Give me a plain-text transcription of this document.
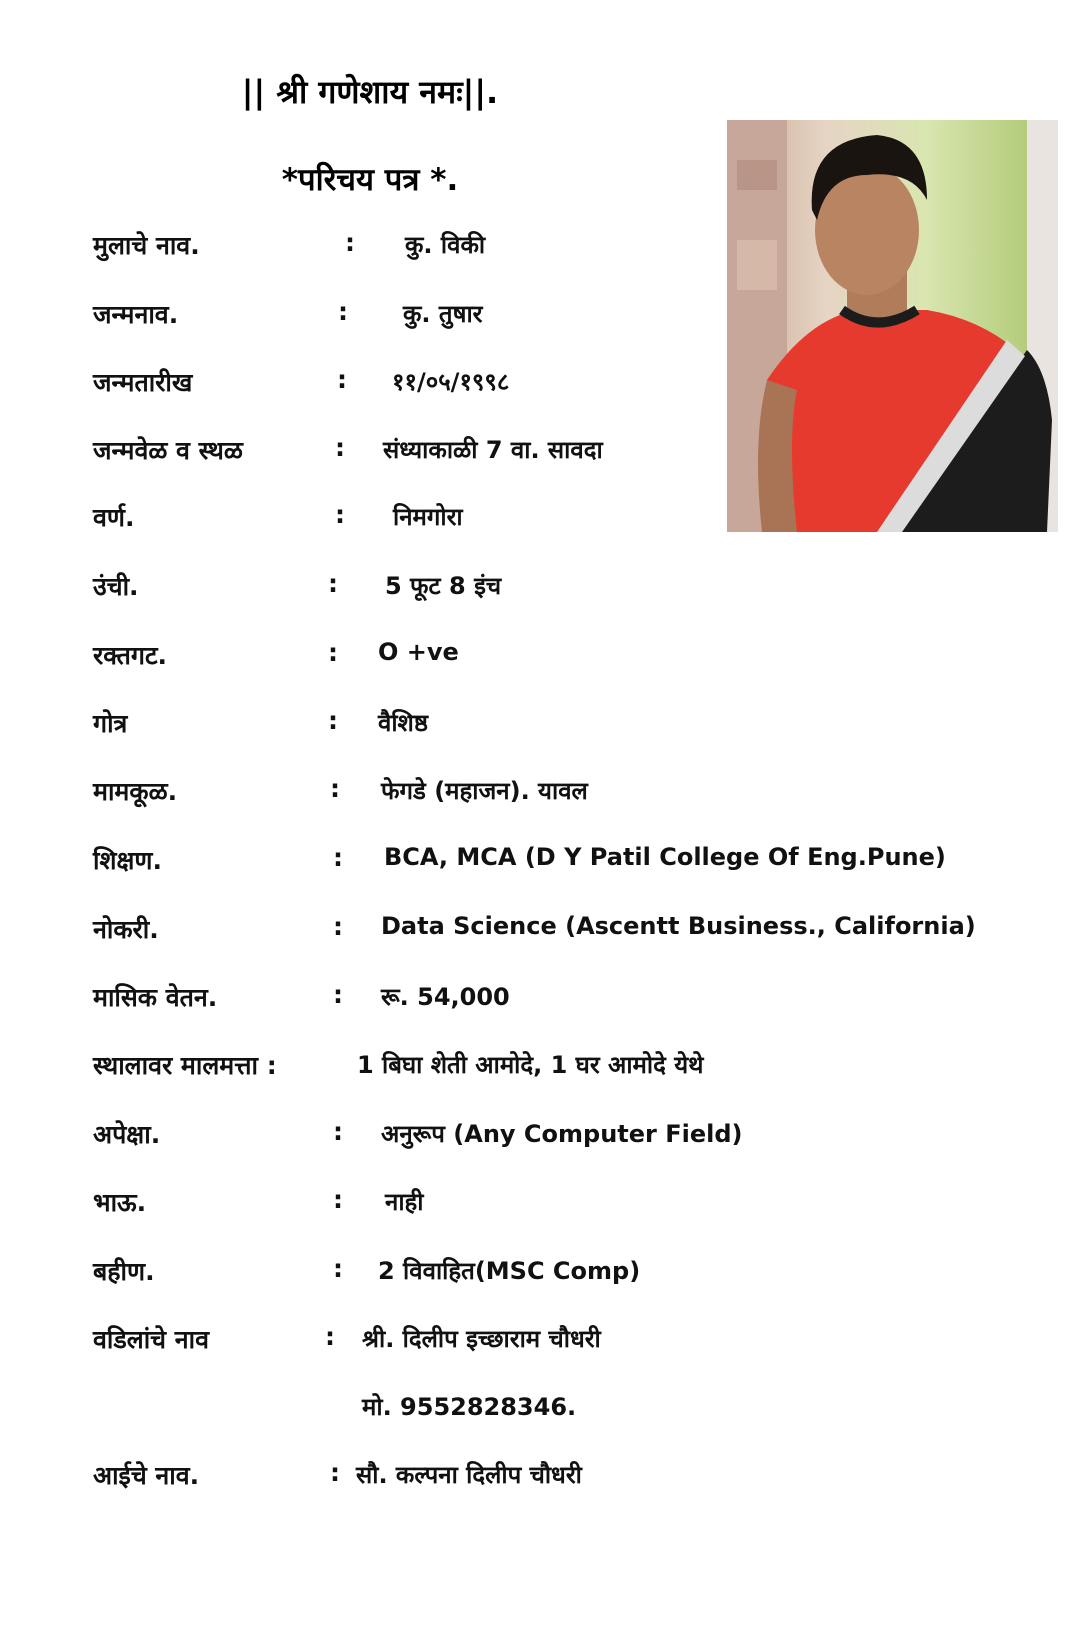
|| श्री गणेशाय नमः||.
*परिचय पत्र *.
मुलाचे नाव.	: कु. विकी
जन्मनाव.	: कु. तुषार
जन्मतारीख	: ११/०५/१९९८
जन्मवेळ व स्थळ	: संध्याकाळी 7 वा. सावदा
वर्ण.	: निमगोरा
उंची.	: 5 फूट 8 इंच
रक्तगट.	: O +ve
गोत्र	: वैशिष्ठ
मामकूळ.	: फेगडे (महाजन). यावल
शिक्षण.	: BCA, MCA (D Y Patil College Of Eng.Pune)
नोकरी.	: Data Science (Ascentt Business., California)
मासिक वेतन.	: रू. 54,000
स्थालावर मालमत्ता :	1 बिघा शेती आमोदे, 1 घर आमोदे येथे
अपेक्षा.	: अनुरूप (Any Computer Field)
भाऊ.	: नाही
बहीण.	: 2 विवाहित(MSC Comp)
वडिलांचे नाव	: श्री. दिलीप इच्छाराम चौधरी
मो. 9552828346.
आईचे नाव.	: सौ. कल्पना दिलीप चौधरी
